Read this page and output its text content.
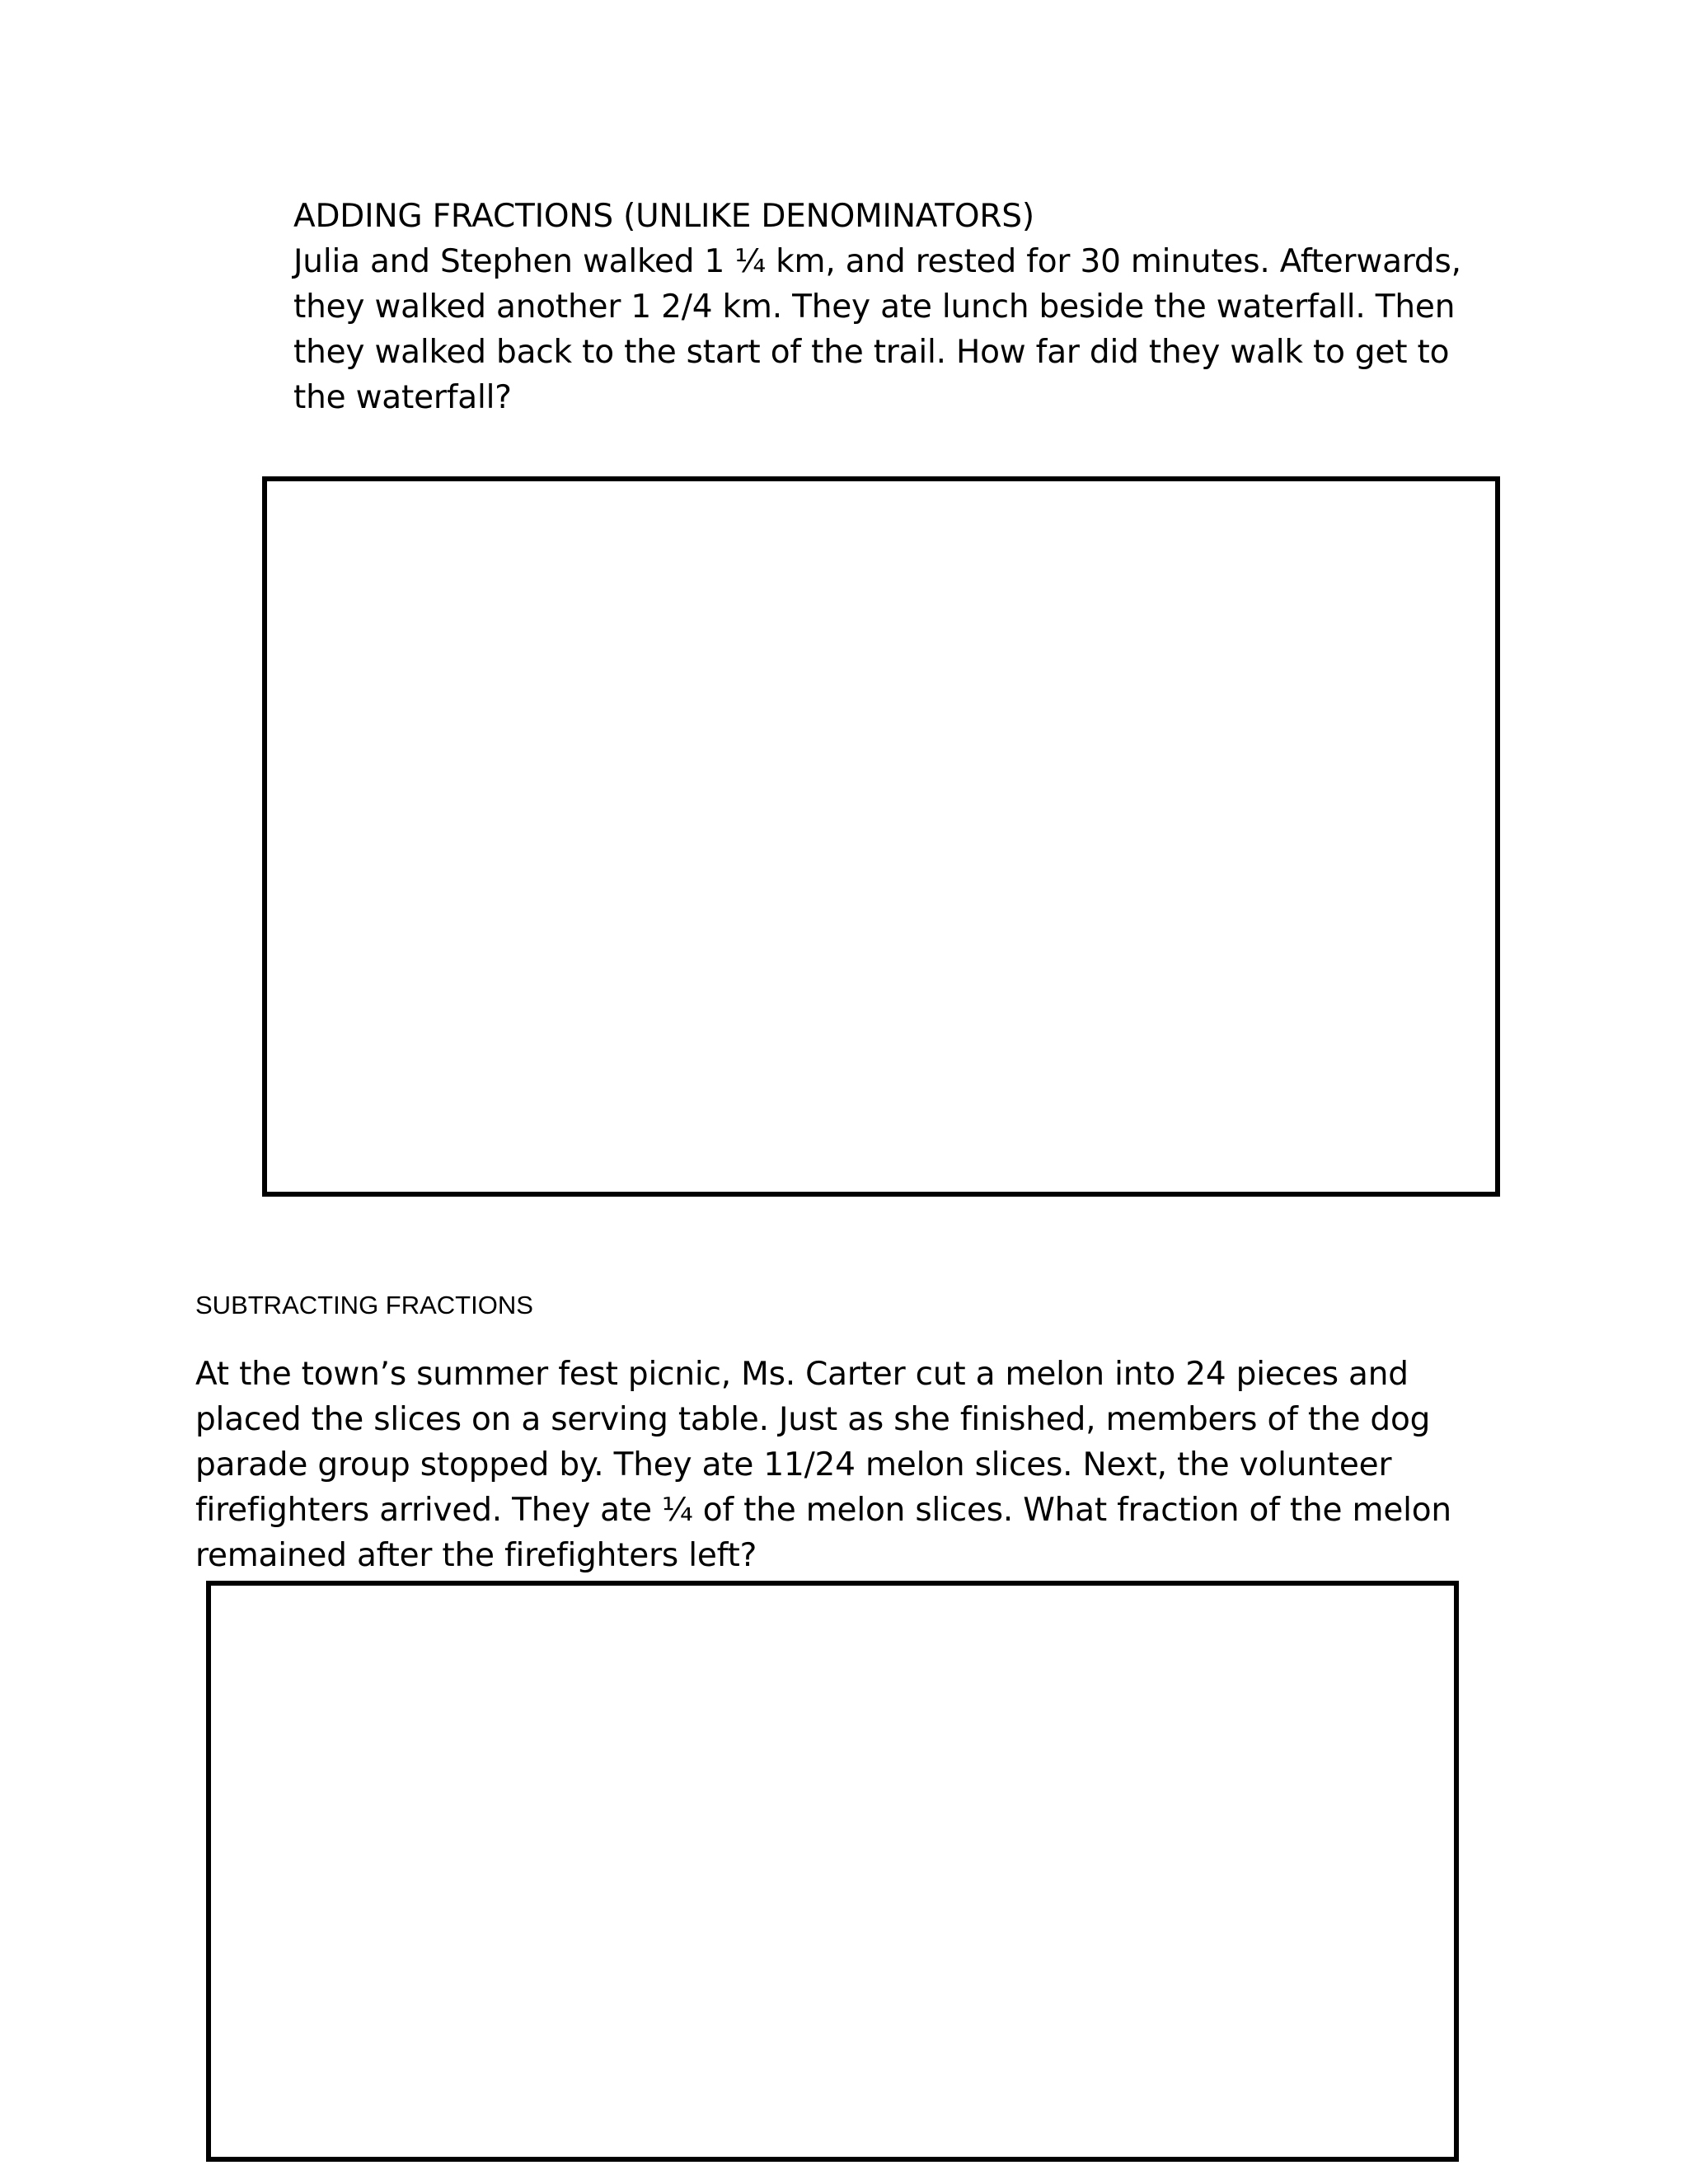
ADDING FRACTIONS (UNLIKE DENOMINATORS)
Julia and Stephen walked 1 ¼ km, and rested for 30 minutes. Afterwards, they walked another 1 2/4 km. They ate lunch beside the waterfall. Then they walked back to the start of the trail. How far did they walk to get to the waterfall?
SUBTRACTING FRACTIONS
At the town’s summer fest picnic, Ms. Carter cut a melon into 24 pieces and placed the slices on a serving table. Just as she finished, members of the dog parade group stopped by. They ate 11/24 melon slices. Next, the volunteer firefighters arrived. They ate ¼ of the melon slices. What fraction of the melon remained after the firefighters left?
